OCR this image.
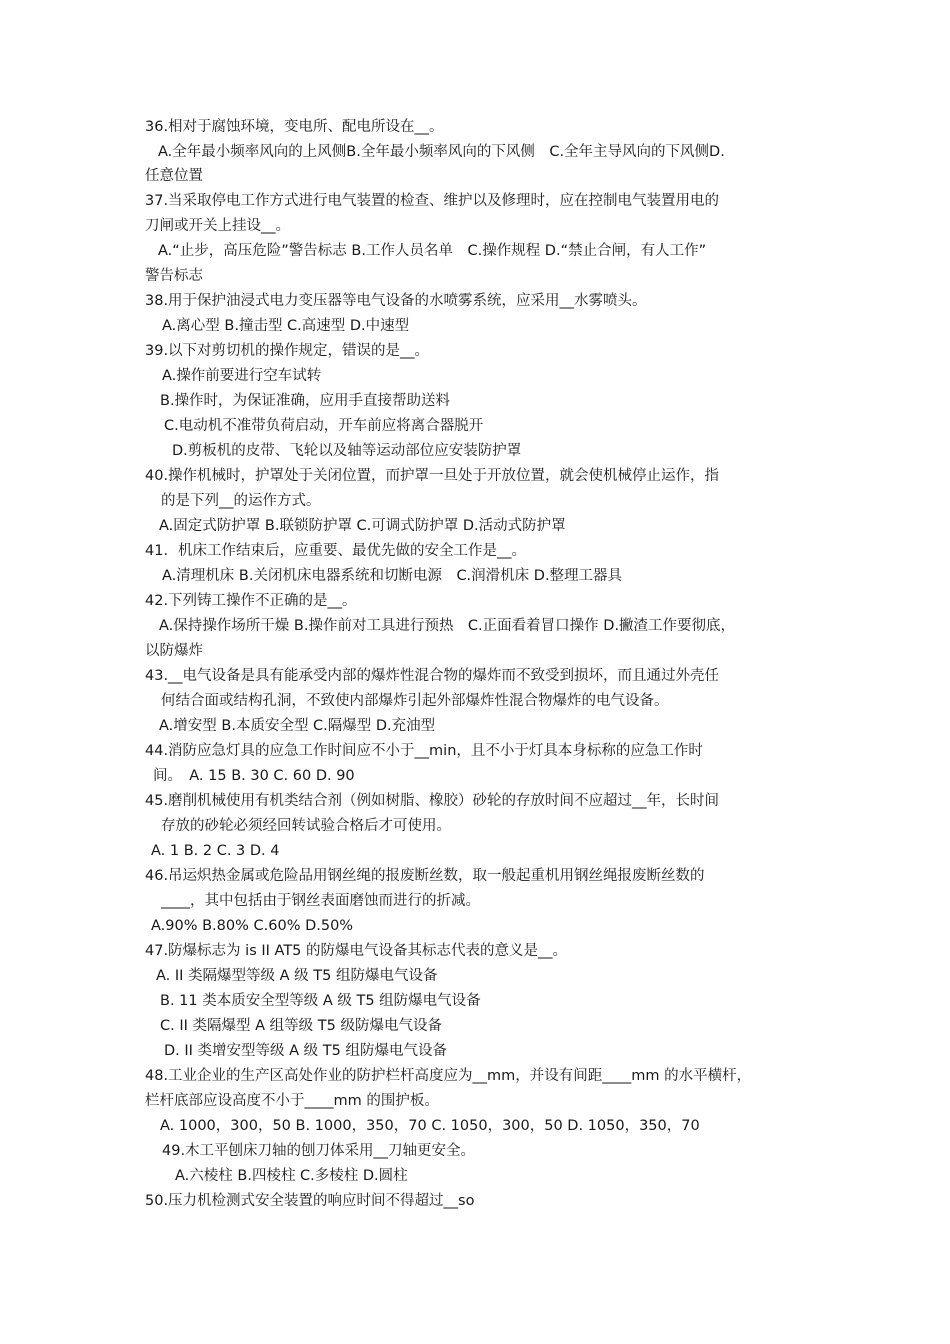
36.相对于腐蚀环境，变电所、配电所设在__。
A.全年最小频率风向的上风侧B.全年最小频率风向的下风侧　C.全年主导风向的下风侧D.
任意位置
37.当采取停电工作方式进行电气装置的检查、维护以及修理时，应在控制电气装置用电的
刀闸或开关上挂设__。
A.“止步，高压危险”警告标志 B.工作人员名单　C.操作规程 D.“禁止合闸，有人工作”
警告标志
38.用于保护油浸式电力变压器等电气设备的水喷雾系统，应采用__水雾喷头。
A.离心型 B.撞击型 C.高速型 D.中速型
39.以下对剪切机的操作规定，错误的是__。
A.操作前要进行空车试转
B.操作时，为保证准确，应用手直接帮助送料
C.电动机不准带负荷启动，开车前应将离合器脱开
D.剪板机的皮带、飞轮以及轴等运动部位应安装防护罩
40.操作机械时，护罩处于关闭位置，而护罩一旦处于开放位置，就会使机械停止运作，指
的是下列__的运作方式。
A.固定式防护罩 B.联锁防护罩 C.可调式防护罩 D.活动式防护罩
41．机床工作结束后，应重要、最优先做的安全工作是__。
A.清理机床 B.关闭机床电器系统和切断电源　C.润滑机床 D.整理工器具
42.下列铸工操作不正确的是__。
A.保持操作场所干燥 B.操作前对工具进行预热　C.正面看着冒口操作 D.撇渣工作要彻底，
以防爆炸
43.__电气设备是具有能承受内部的爆炸性混合物的爆炸而不致受到损坏，而且通过外壳任
何结合面或结构孔洞，不致使内部爆炸引起外部爆炸性混合物爆炸的电气设备。
A.增安型 B.本质安全型 C.隔爆型 D.充油型
44.消防应急灯具的应急工作时间应不小于__min，且不小于灯具本身标称的应急工作时
间。　A. 15 B. 30 C. 60 D. 90
45.磨削机械使用有机类结合剂（例如树脂、橡胶）砂轮的存放时间不应超过__年，长时间
存放的砂轮必须经回转试验合格后才可使用。
A. 1 B. 2 C. 3 D. 4
46.吊运炽热金属或危险品用钢丝绳的报废断丝数，取一般起重机用钢丝绳报废断丝数的
____，其中包括由于钢丝表面磨蚀而进行的折减。
A.90% B.80% C.60% D.50%
47.防爆标志为 is II AT5 的防爆电气设备其标志代表的意义是__。
A. II 类隔爆型等级 A 级 T5 组防爆电气设备
B. 11 类本质安全型等级 A 级 T5 组防爆电气设备
C. II 类隔爆型 A 组等级 T5 级防爆电气设备
D. II 类增安型等级 A 级 T5 组防爆电气设备
48.工业企业的生产区高处作业的防护栏杆高度应为__mm，并设有间距____mm 的水平横杆，
栏杆底部应设高度不小于____mm 的围护板。
A. 1000，300，50 B. 1000，350，70 C. 1050，300，50 D. 1050，350，70
49.木工平刨床刀轴的刨刀体采用__刀轴更安全。
A.六棱柱 B.四棱柱 C.多棱柱 D.圆柱
50.压力机检测式安全装置的响应时间不得超过__so
